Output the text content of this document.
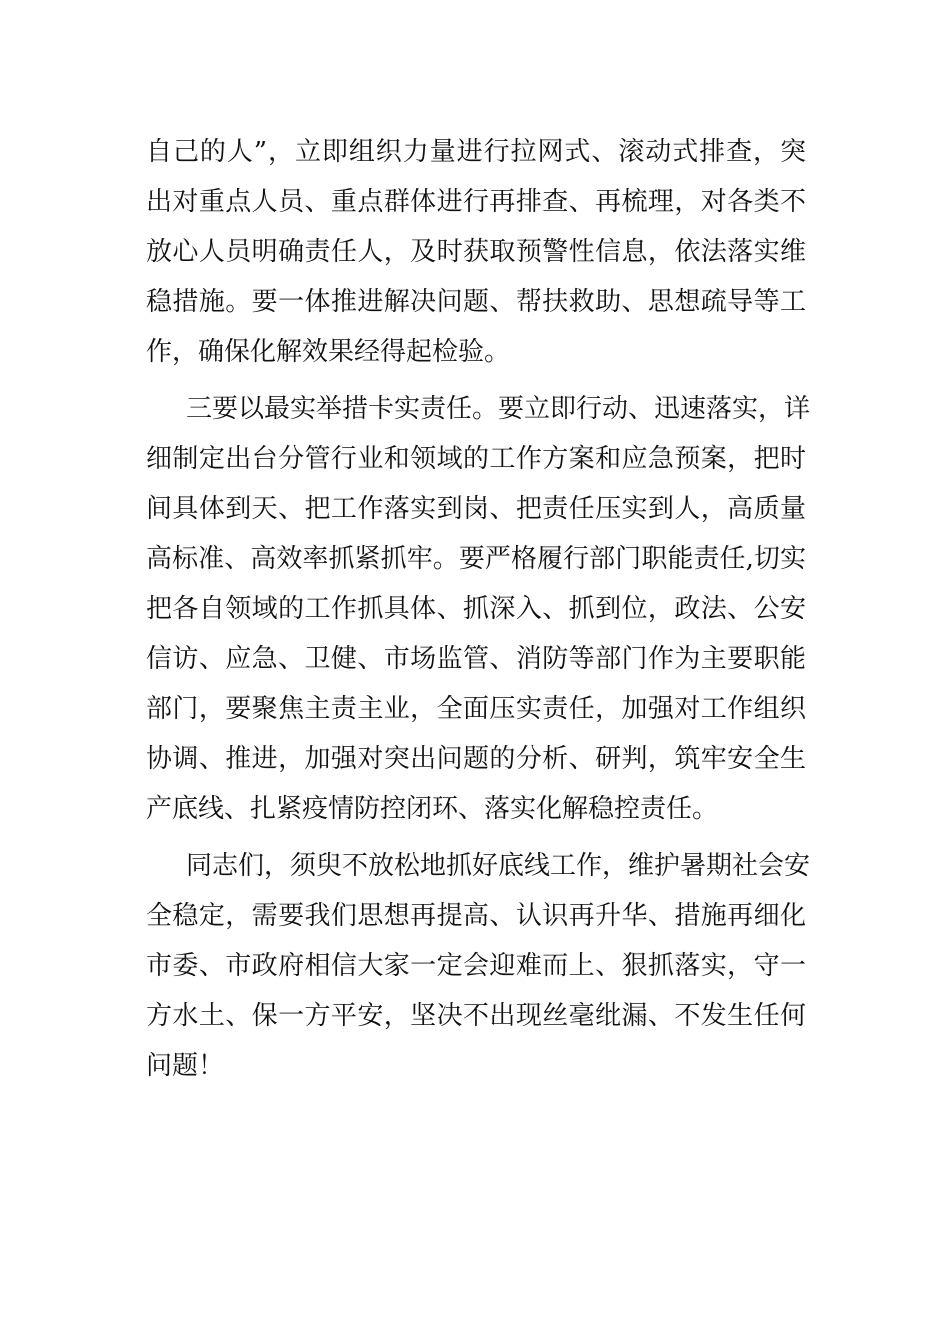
自己的人”，立即组织力量进行拉网式、滚动式排查，突
出对重点人员、重点群体进行再排查、再梳理，对各类不
放心人员明确责任人，及时获取预警性信息，依法落实维
稳措施。要一体推进解决问题、帮扶救助、思想疏导等工
作，确保化解效果经得起检验。
三要以最实举措卡实责任。要立即行动、迅速落实，详
细制定出台分管行业和领域的工作方案和应急预案，把时
间具体到天、把工作落实到岗、把责任压实到人，高质量
高标准、高效率抓紧抓牢。要严格履行部门职能责任,切实
把各自领域的工作抓具体、抓深入、抓到位，政法、公安
信访、应急、卫健、市场监管、消防等部门作为主要职能
部门，要聚焦主责主业，全面压实责任，加强对工作组织
协调、推进，加强对突出问题的分析、研判，筑牢安全生
产底线、扎紧疫情防控闭环、落实化解稳控责任。
同志们，须臾不放松地抓好底线工作，维护暑期社会安
全稳定，需要我们思想再提高、认识再升华、措施再细化
市委、市政府相信大家一定会迎难而上、狠抓落实，守一
方水土、保一方平安，坚决不出现丝毫纰漏、不发生任何
问题！
